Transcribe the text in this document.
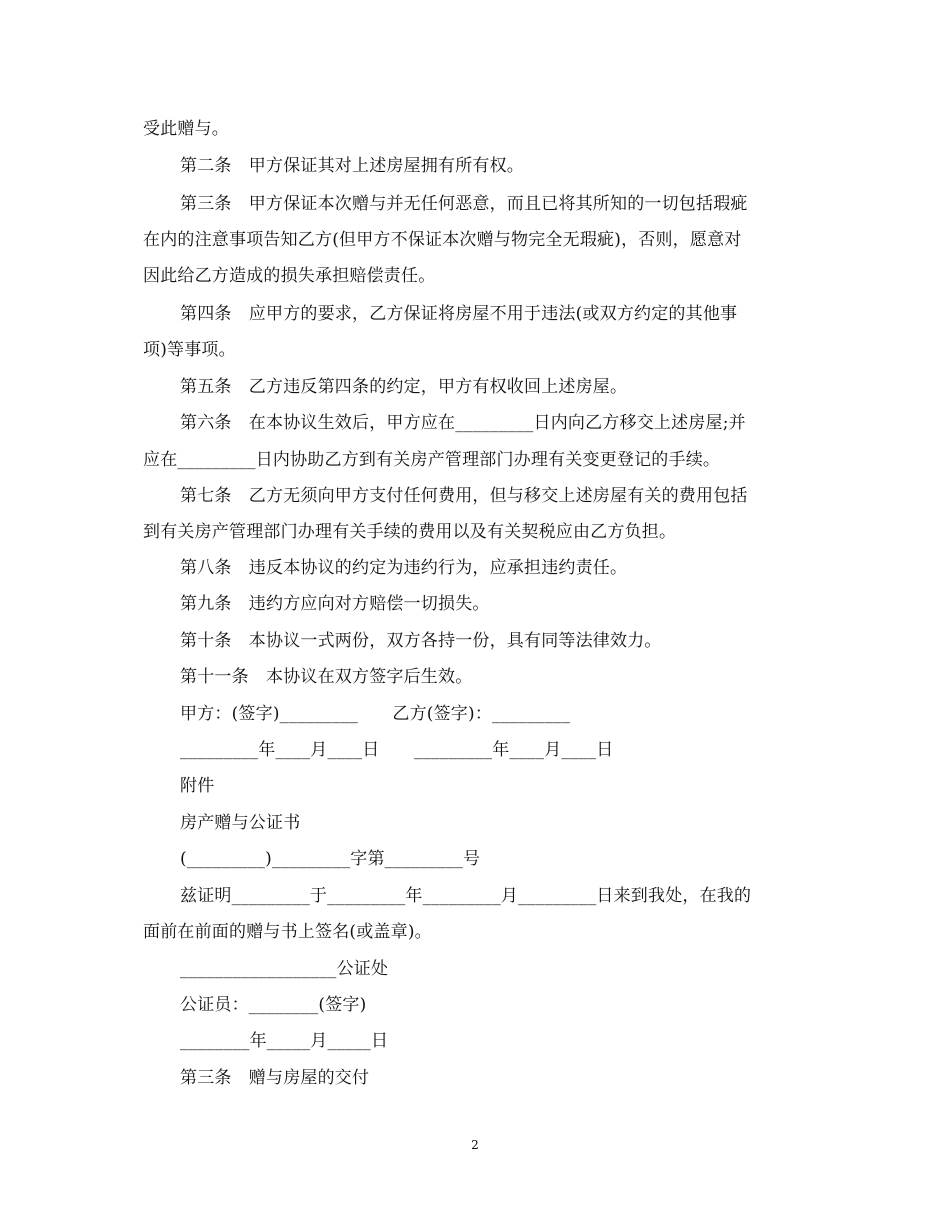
受此赠与。
第二条　甲方保证其对上述房屋拥有所有权。
第三条　甲方保证本次赠与并无任何恶意，而且已将其所知的一切包括瑕疵
在内的注意事项告知乙方(但甲方不保证本次赠与物完全无瑕疵)，否则，愿意对
因此给乙方造成的损失承担赔偿责任。
第四条　应甲方的要求，乙方保证将房屋不用于违法(或双方约定的其他事
项)等事项。
第五条　乙方违反第四条的约定，甲方有权收回上述房屋。
第六条　在本协议生效后，甲方应在_________日内向乙方移交上述房屋;并
应在_________日内协助乙方到有关房产管理部门办理有关变更登记的手续。
第七条　乙方无须向甲方支付任何费用，但与移交上述房屋有关的费用包括
到有关房产管理部门办理有关手续的费用以及有关契税应由乙方负担。
第八条　违反本协议的约定为违约行为，应承担违约责任。
第九条　违约方应向对方赔偿一切损失。
第十条　本协议一式两份，双方各持一份，具有同等法律效力。
第十一条　本协议在双方签字后生效。
甲方：(签字)_________　　乙方(签字)：_________
_________年____月____日　　_________年____月____日
附件
房产赠与公证书
(_________)_________字第_________号
兹证明_________于_________年_________月_________日来到我处，在我的
面前在前面的赠与书上签名(或盖章)。
__________________公证处
公证员：________(签字)
________年_____月_____日
第三条　赠与房屋的交付
2
